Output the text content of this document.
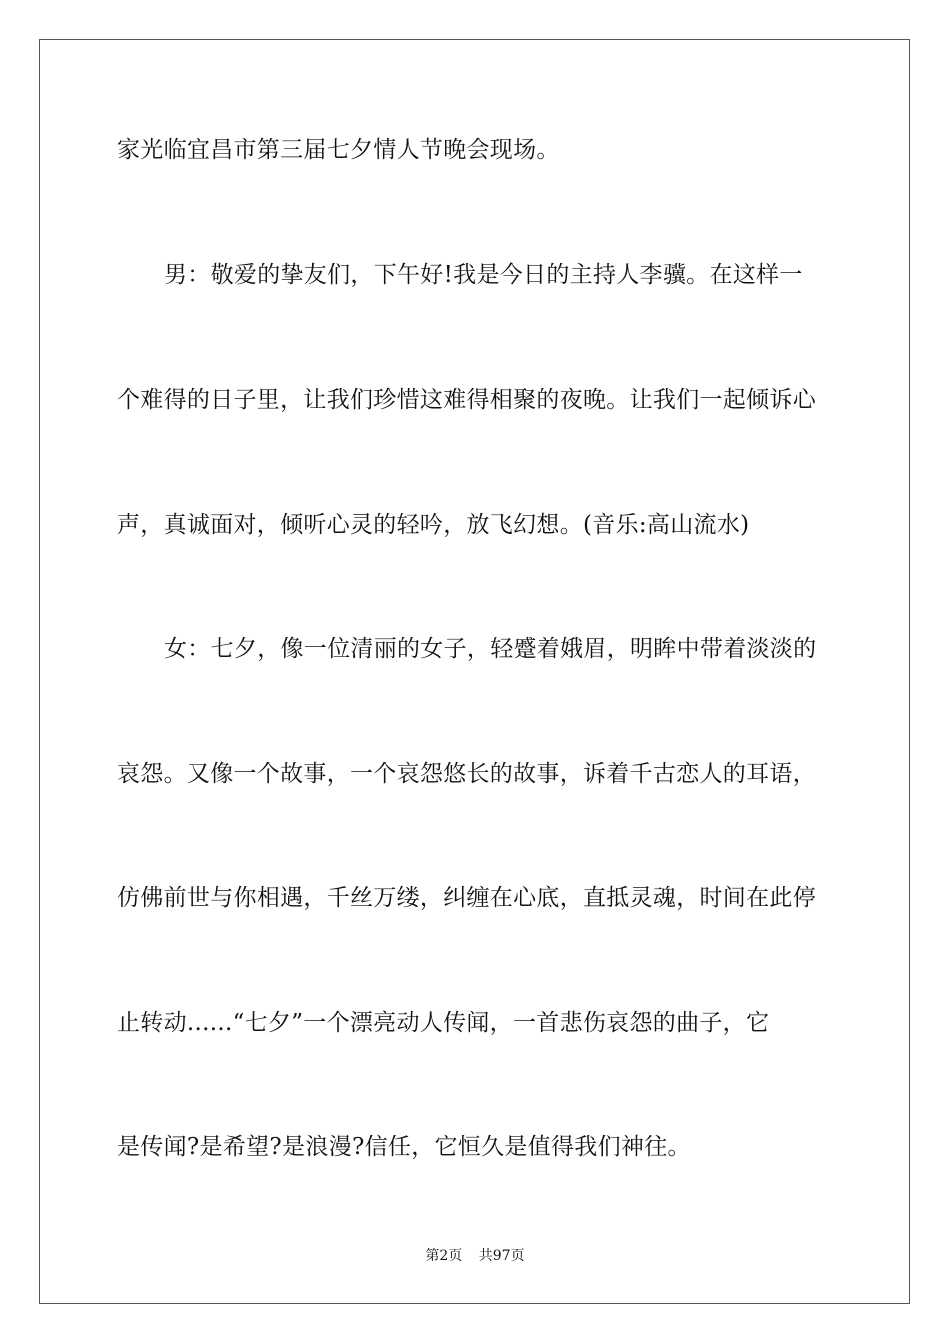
家光临宜昌市第三届七夕情人节晚会现场。
男：敬爱的挚友们，下午好!我是今日的主持人李骥。在这样一
个难得的日子里，让我们珍惜这难得相聚的夜晚。让我们一起倾诉心
声，真诚面对，倾听心灵的轻吟，放飞幻想。(音乐:高山流水)
女：七夕，像一位清丽的女子，轻蹙着娥眉，明眸中带着淡淡的
哀怨。又像一个故事，一个哀怨悠长的故事，诉着千古恋人的耳语，
仿佛前世与你相遇，千丝万缕，纠缠在心底，直抵灵魂，时间在此停
止转动......“七夕”一个漂亮动人传闻，一首悲伤哀怨的曲子，它
是传闻?是希望?是浪漫?信任，它恒久是值得我们神往。
第2页 共97页
